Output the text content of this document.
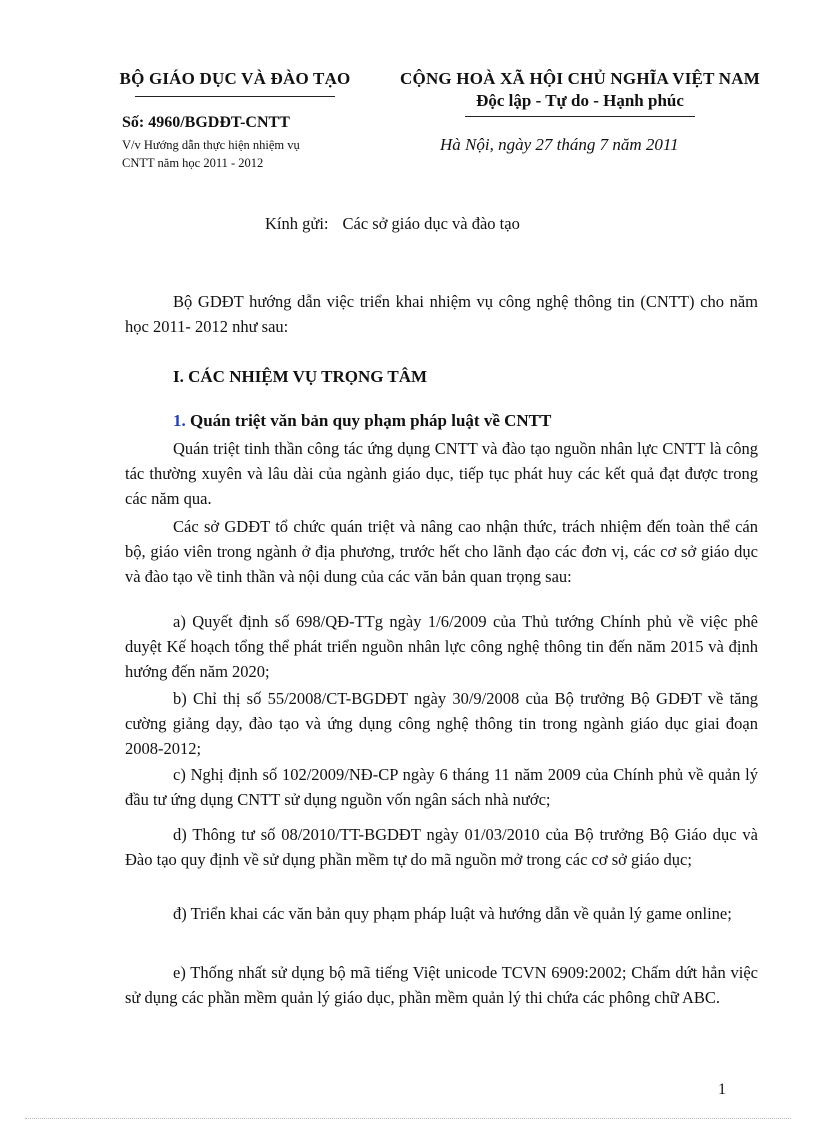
BỘ GIÁO DỤC VÀ ĐÀO TẠO	CỘNG HOÀ XÃ HỘI CHỦ NGHĨA VIỆT NAM
Độc lập - Tự do - Hạnh phúc
Số: 4960/BGDĐT-CNTT
V/v Hướng dẫn thực hiện nhiệm vụ
CNTT năm học 2011 - 2012
Hà Nội, ngày 27 tháng 7 năm 2011
Kính gửi: Các sở giáo dục và đào tạo

Bộ GDĐT hướng dẫn việc triển khai nhiệm vụ công nghệ thông tin (CNTT) cho năm học 2011- 2012 như sau:

I. CÁC NHIỆM VỤ TRỌNG TÂM
1. Quán triệt văn bản quy phạm pháp luật về CNTT

Quán triệt tinh thần công tác ứng dụng CNTT và đào tạo nguồn nhân lực CNTT là công tác thường xuyên và lâu dài của ngành giáo dục, tiếp tục phát huy các kết quả đạt được trong các năm qua.

Các sở GDĐT tổ chức quán triệt và nâng cao nhận thức, trách nhiệm đến toàn thể cán bộ, giáo viên trong ngành ở địa phương, trước hết cho lãnh đạo các đơn vị, các cơ sở giáo dục và đào tạo về tinh thần và nội dung của các văn bản quan trọng sau:

a) Quyết định số 698/QĐ-TTg ngày 1/6/2009 của Thủ tướng Chính phủ về việc phê duyệt Kế hoạch tổng thể phát triển nguồn nhân lực công nghệ thông tin đến năm 2015 và định hướng đến năm 2020;

b) Chỉ thị số 55/2008/CT-BGDĐT ngày 30/9/2008 của Bộ trưởng Bộ GDĐT về tăng cường giảng dạy, đào tạo và ứng dụng công nghệ thông tin trong ngành giáo dục giai đoạn 2008-2012;

c) Nghị định số 102/2009/NĐ-CP ngày 6 tháng 11 năm 2009 của Chính phủ về quản lý đầu tư ứng dụng CNTT sử dụng nguồn vốn ngân sách nhà nước;

d) Thông tư số 08/2010/TT-BGDĐT ngày 01/03/2010 của Bộ trưởng Bộ Giáo dục và Đào tạo quy định về sử dụng phần mềm tự do mã nguồn mở trong các cơ sở giáo dục;

đ) Triển khai các văn bản quy phạm pháp luật và hướng dẫn về quản lý game online;

e) Thống nhất sử dụng bộ mã tiếng Việt unicode TCVN 6909:2002; Chấm dứt hẳn việc sử dụng các phần mềm quản lý giáo dục, phần mềm quản lý thi chứa các phông chữ ABC.

1
